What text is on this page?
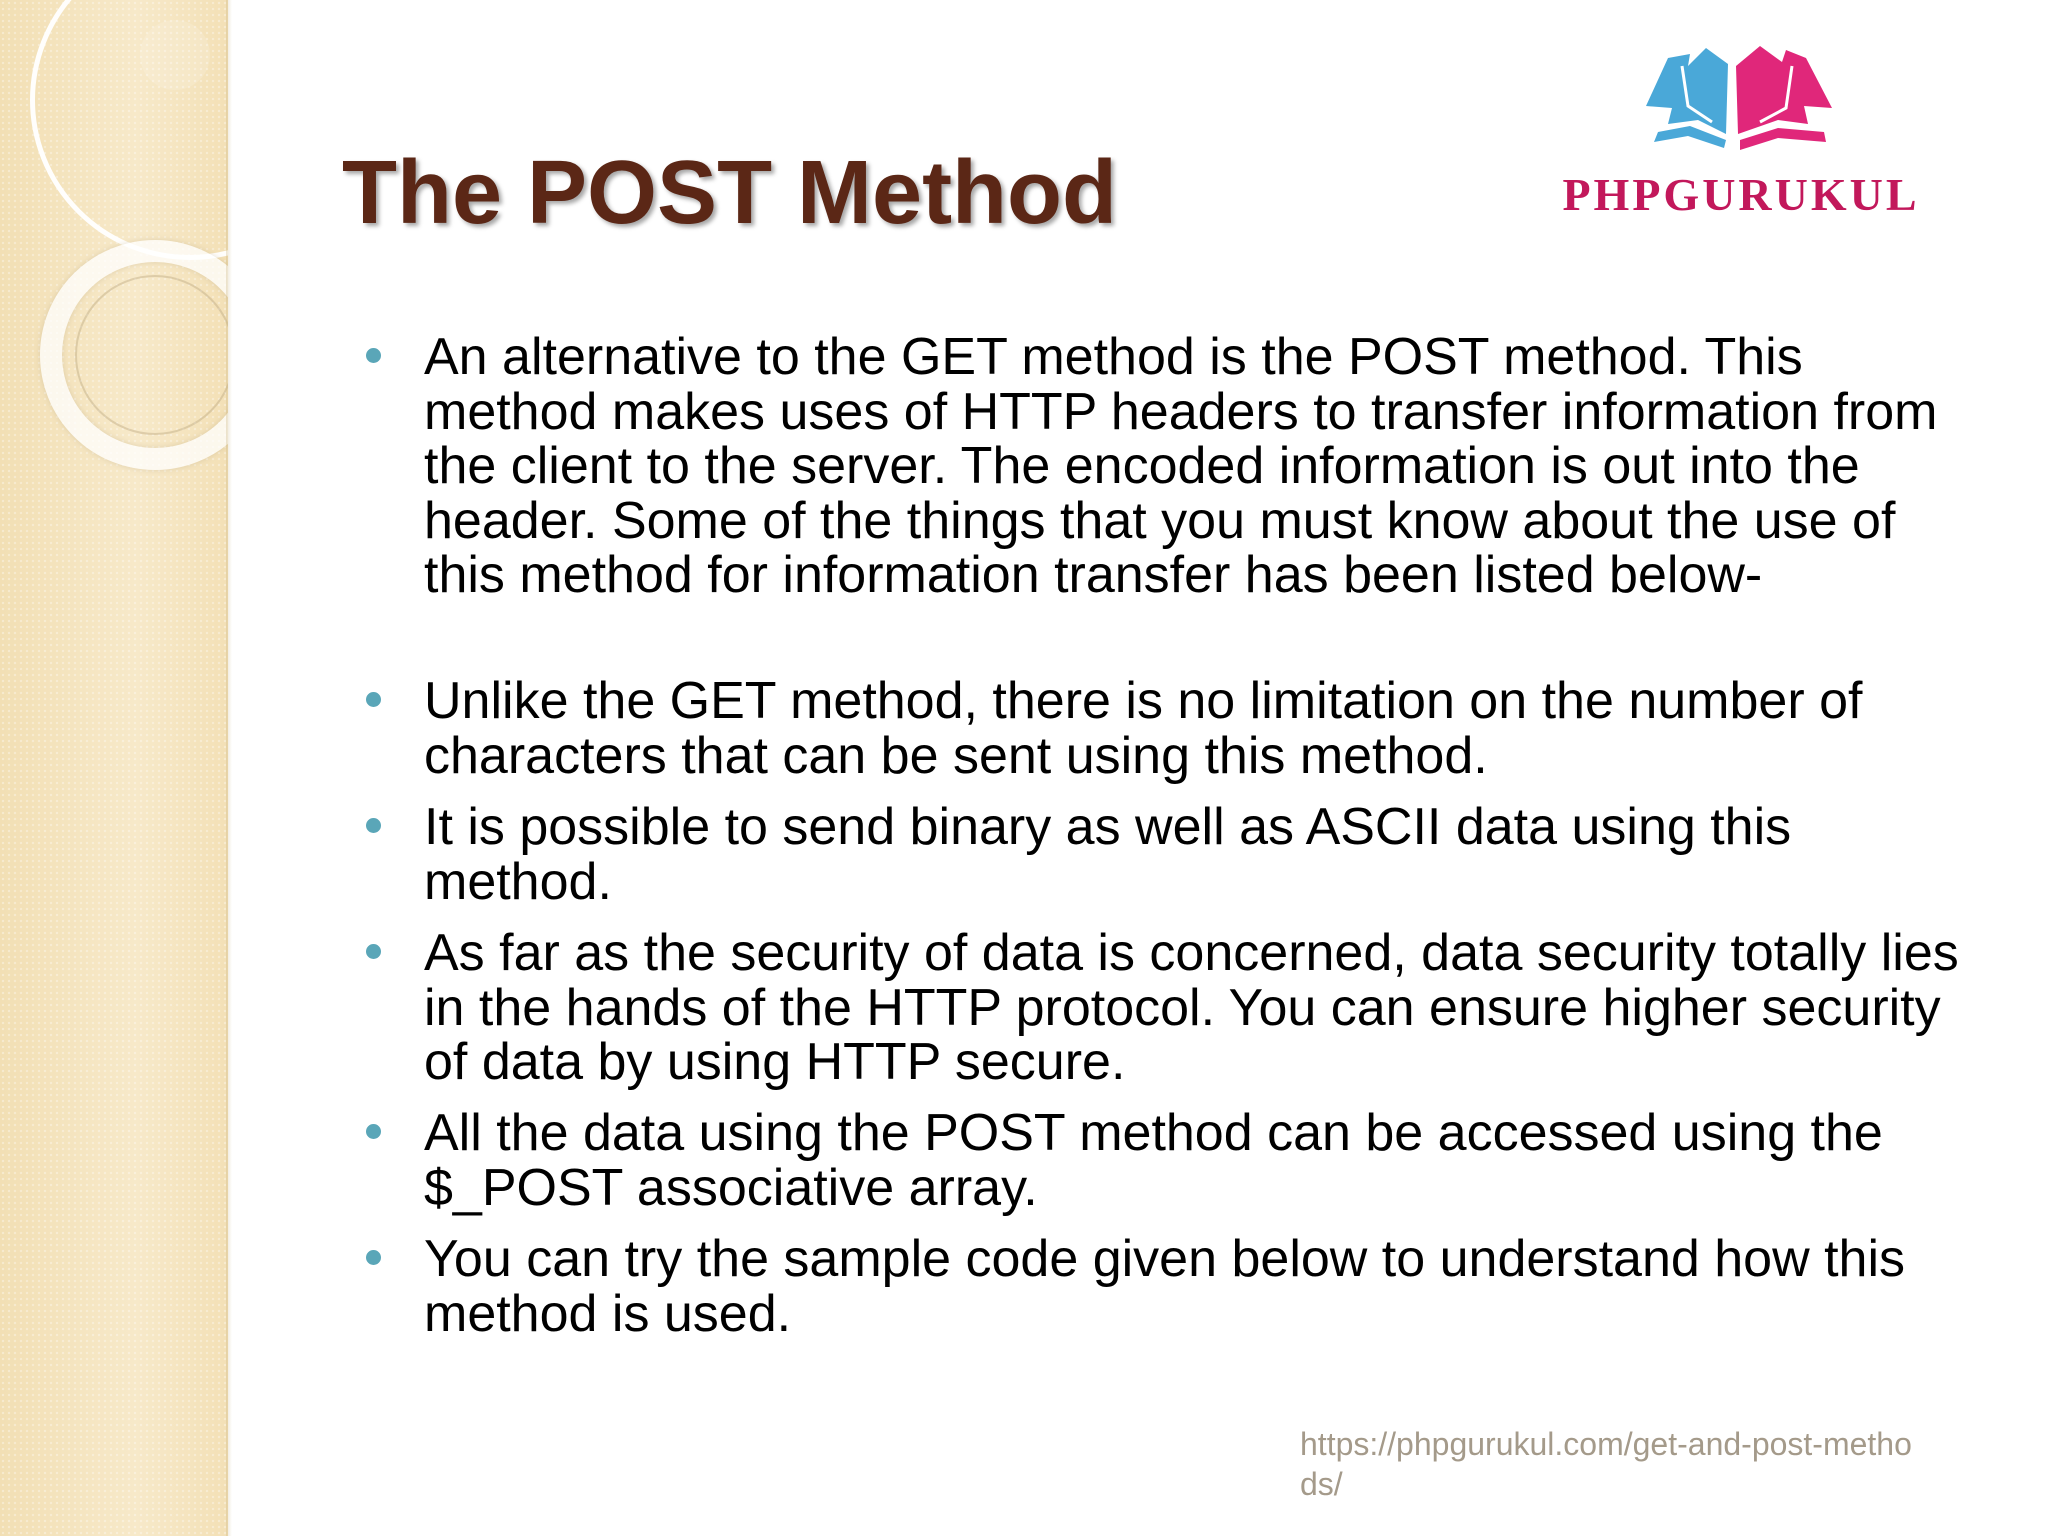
PHPGURUKUL
The POST Method
An alternative to the GET method is the POST method. This method makes uses of HTTP headers to transfer information from the client to the server. The encoded information is out into the header. Some of the things that you must know about the use of this method for information transfer has been listed below-
Unlike the GET method, there is no limitation on the number of characters that can be sent using this method.
It is possible to send binary as well as ASCII data using this method.
As far as the security of data is concerned, data security totally lies in the hands of the HTTP protocol. You can ensure higher security of data by using HTTP secure.
All the data using the POST method can be accessed using the $_POST associative array.
You can try the sample code given below to understand how this method is used.
https://phpgurukul.com/get-and-post-methods/
